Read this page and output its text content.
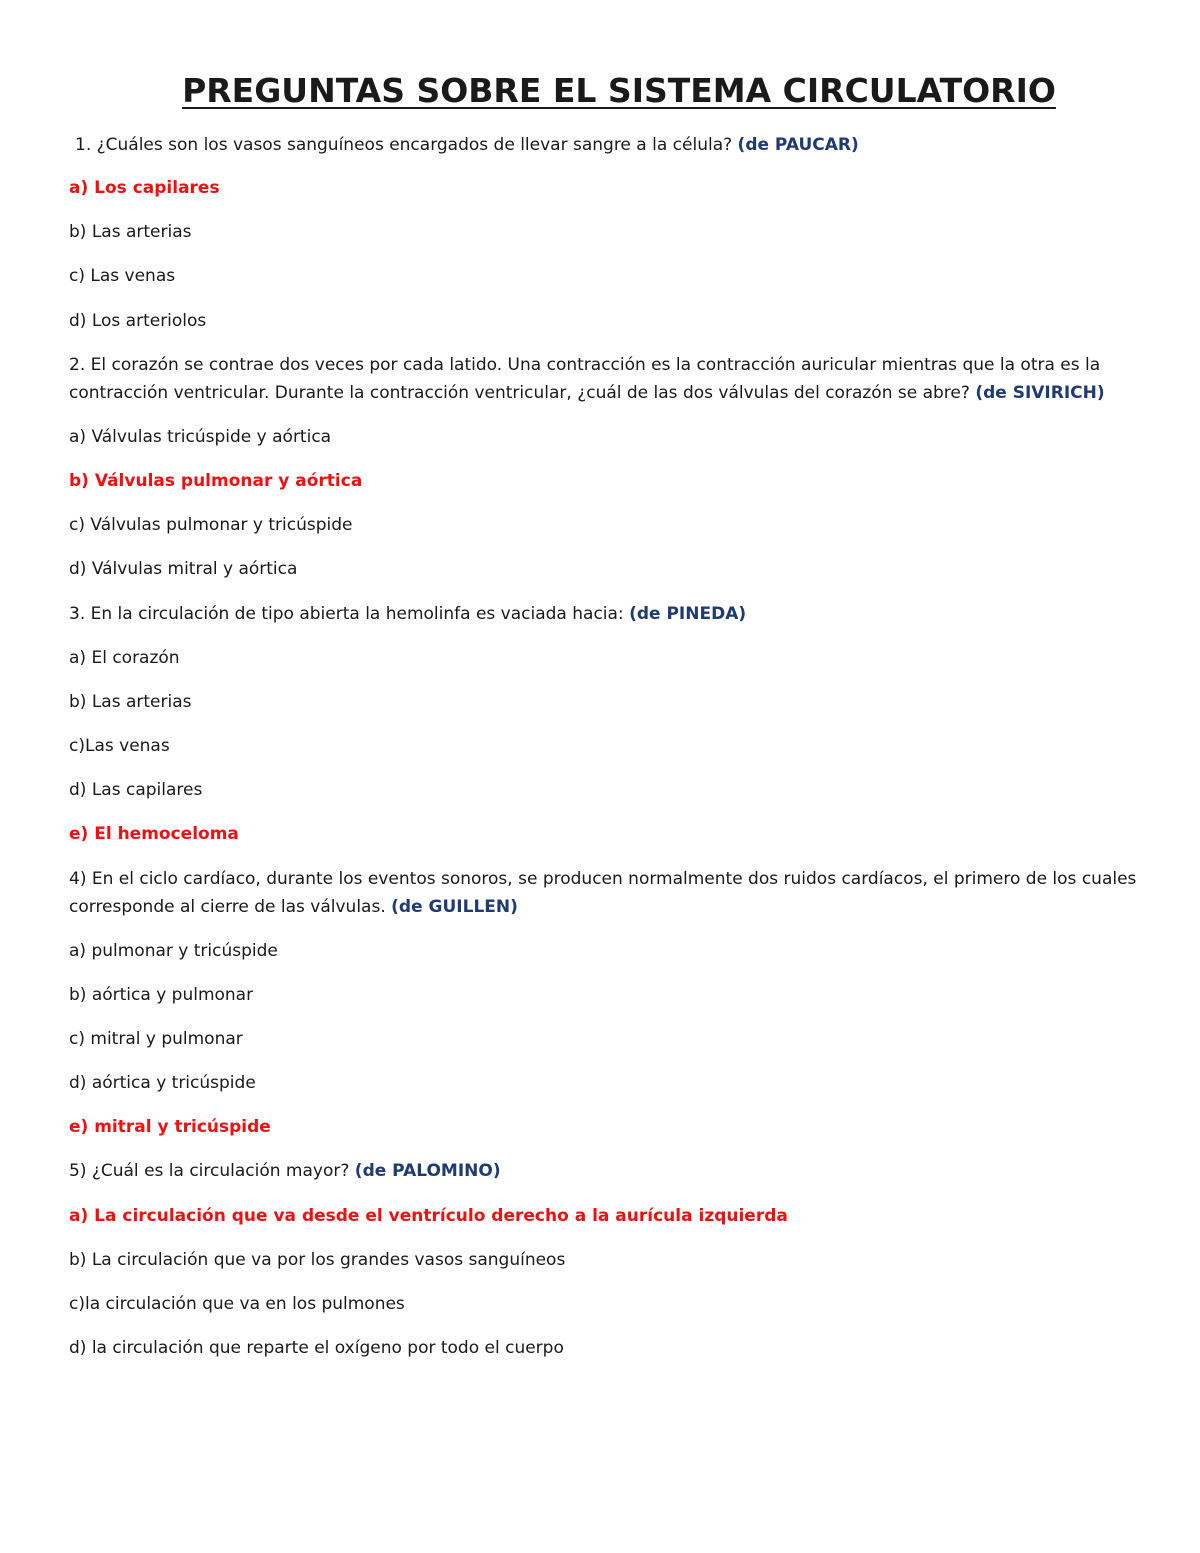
PREGUNTAS SOBRE EL SISTEMA CIRCULATORIO
1. ¿Cuáles son los vasos sanguíneos encargados de llevar sangre a la célula? (de PAUCAR)
a) Los capilares
b) Las arterias
c) Las venas
d) Los arteriolos
2. El corazón se contrae dos veces por cada latido. Una contracción es la contracción auricular mientras que la otra es la
contracción ventricular. Durante la contracción ventricular, ¿cuál de las dos válvulas del corazón se abre? (de SIVIRICH)
a) Válvulas tricúspide y aórtica
b) Válvulas pulmonar y aórtica
c) Válvulas pulmonar y tricúspide
d) Válvulas mitral y aórtica
3. En la circulación de tipo abierta la hemolinfa es vaciada hacia: (de PINEDA)
a) El corazón
b) Las arterias
c)Las venas
d) Las capilares
e) El hemoceloma
4) En el ciclo cardíaco, durante los eventos sonoros, se producen normalmente dos ruidos cardíacos, el primero de los cuales
corresponde al cierre de las válvulas. (de GUILLEN)
a) pulmonar y tricúspide
b) aórtica y pulmonar
c) mitral y pulmonar
d) aórtica y tricúspide
e) mitral y tricúspide
5) ¿Cuál es la circulación mayor? (de PALOMINO)
a) La circulación que va desde el ventrículo derecho a la aurícula izquierda
b) La circulación que va por los grandes vasos sanguíneos
c)la circulación que va en los pulmones
d) la circulación que reparte el oxígeno por todo el cuerpo
